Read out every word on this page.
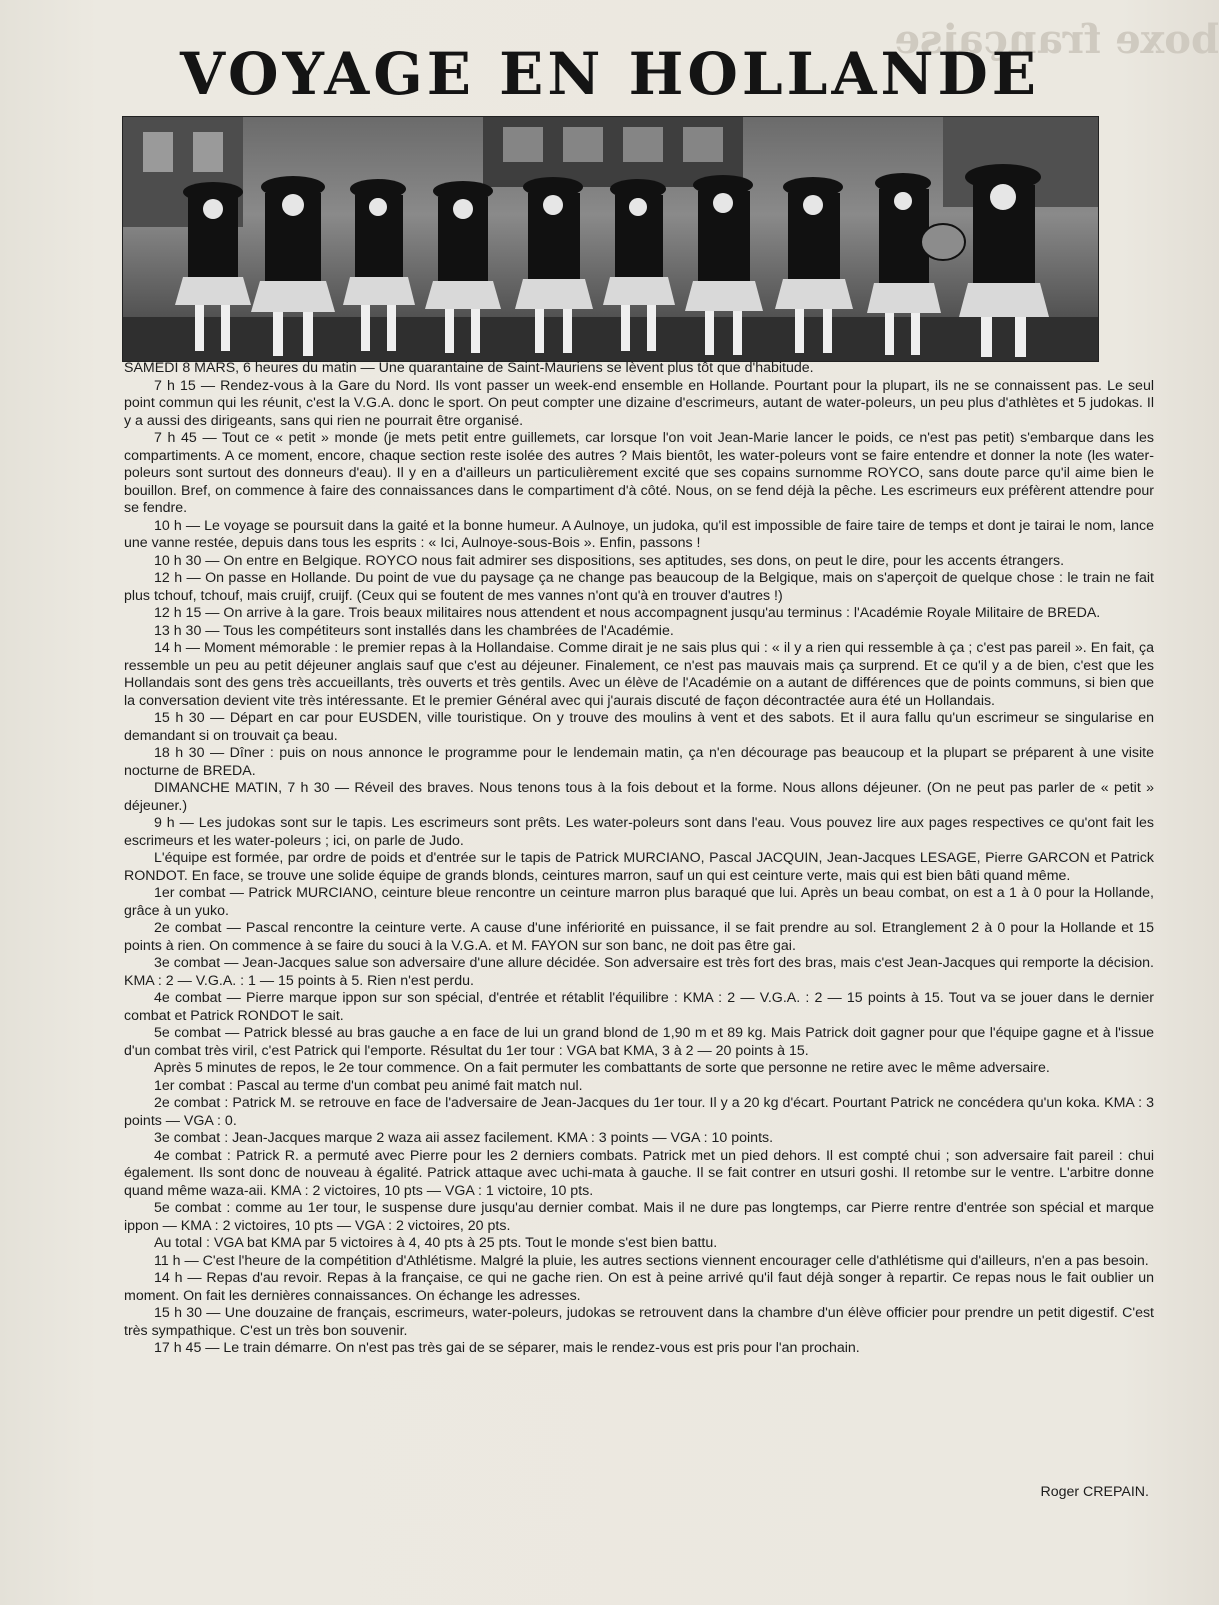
boxe française
VOYAGE EN HOLLANDE

SAMEDI 8 MARS, 6 heures du matin — Une quarantaine de Saint-Mauriens se lèvent plus tôt que d'habitude.

7 h 15 — Rendez-vous à la Gare du Nord. Ils vont passer un week-end ensemble en Hollande. Pourtant pour la plupart, ils ne se connaissent pas. Le seul point commun qui les réunit, c'est la V.G.A. donc le sport. On peut compter une dizaine d'escrimeurs, autant de water-poleurs, un peu plus d'athlètes et 5 judokas. Il y a aussi des dirigeants, sans qui rien ne pourrait être organisé.

7 h 45 — Tout ce « petit » monde (je mets petit entre guillemets, car lorsque l'on voit Jean-Marie lancer le poids, ce n'est pas petit) s'embarque dans les compartiments. A ce moment, encore, chaque section reste isolée des autres ? Mais bientôt, les water-poleurs vont se faire entendre et donner la note (les water-poleurs sont surtout des donneurs d'eau). Il y en a d'ailleurs un particulièrement excité que ses copains surnomme ROYCO, sans doute parce qu'il aime bien le bouillon. Bref, on commence à faire des connaissances dans le compartiment d'à côté. Nous, on se fend déjà la pêche. Les escrimeurs eux préfèrent attendre pour se fendre.

10 h — Le voyage se poursuit dans la gaité et la bonne humeur. A Aulnoye, un judoka, qu'il est impossible de faire taire de temps et dont je tairai le nom, lance une vanne restée, depuis dans tous les esprits : « Ici, Aulnoye-sous-Bois ». Enfin, passons !

10 h 30 — On entre en Belgique. ROYCO nous fait admirer ses dispositions, ses aptitudes, ses dons, on peut le dire, pour les accents étrangers.

12 h — On passe en Hollande. Du point de vue du paysage ça ne change pas beaucoup de la Belgique, mais on s'aperçoit de quelque chose : le train ne fait plus tchouf, tchouf, mais cruijf, cruijf. (Ceux qui se foutent de mes vannes n'ont qu'à en trouver d'autres !)

12 h 15 — On arrive à la gare. Trois beaux militaires nous attendent et nous accompagnent jusqu'au terminus : l'Académie Royale Militaire de BREDA.

13 h 30 — Tous les compétiteurs sont installés dans les chambrées de l'Académie.

14 h — Moment mémorable : le premier repas à la Hollandaise. Comme dirait je ne sais plus qui : « il y a rien qui ressemble à ça ; c'est pas pareil ». En fait, ça ressemble un peu au petit déjeuner anglais sauf que c'est au déjeuner. Finalement, ce n'est pas mauvais mais ça surprend. Et ce qu'il y a de bien, c'est que les Hollandais sont des gens très accueillants, très ouverts et très gentils. Avec un élève de l'Académie on a autant de différences que de points communs, si bien que la conversation devient vite très intéressante. Et le premier Général avec qui j'aurais discuté de façon décontractée aura été un Hollandais.

15 h 30 — Départ en car pour EUSDEN, ville touristique. On y trouve des moulins à vent et des sabots. Et il aura fallu qu'un escrimeur se singularise en demandant si on trouvait ça beau.

18 h 30 — Dîner : puis on nous annonce le programme pour le lendemain matin, ça n'en décourage pas beaucoup et la plupart se préparent à une visite nocturne de BREDA.

DIMANCHE MATIN, 7 h 30 — Réveil des braves. Nous tenons tous à la fois debout et la forme. Nous allons déjeuner. (On ne peut pas parler de « petit » déjeuner.)

9 h — Les judokas sont sur le tapis. Les escrimeurs sont prêts. Les water-poleurs sont dans l'eau. Vous pouvez lire aux pages respectives ce qu'ont fait les escrimeurs et les water-poleurs ; ici, on parle de Judo.

L'équipe est formée, par ordre de poids et d'entrée sur le tapis de Patrick MURCIANO, Pascal JACQUIN, Jean-Jacques LESAGE, Pierre GARCON et Patrick RONDOT. En face, se trouve une solide équipe de grands blonds, ceintures marron, sauf un qui est ceinture verte, mais qui est bien bâti quand même.

1er combat — Patrick MURCIANO, ceinture bleue rencontre un ceinture marron plus baraqué que lui. Après un beau combat, on est a 1 à 0 pour la Hollande, grâce à un yuko.

2e combat — Pascal rencontre la ceinture verte. A cause d'une infériorité en puissance, il se fait prendre au sol. Etranglement 2 à 0 pour la Hollande et 15 points à rien. On commence à se faire du souci à la V.G.A. et M. FAYON sur son banc, ne doit pas être gai.

3e combat — Jean-Jacques salue son adversaire d'une allure décidée. Son adversaire est très fort des bras, mais c'est Jean-Jacques qui remporte la décision. KMA : 2 — V.G.A. : 1 — 15 points à 5. Rien n'est perdu.

4e combat — Pierre marque ippon sur son spécial, d'entrée et rétablit l'équilibre : KMA : 2 — V.G.A. : 2 — 15 points à 15. Tout va se jouer dans le dernier combat et Patrick RONDOT le sait.

5e combat — Patrick blessé au bras gauche a en face de lui un grand blond de 1,90 m et 89 kg. Mais Patrick doit gagner pour que l'équipe gagne et à l'issue d'un combat très viril, c'est Patrick qui l'emporte. Résultat du 1er tour : VGA bat KMA, 3 à 2 — 20 points à 15.

Après 5 minutes de repos, le 2e tour commence. On a fait permuter les combattants de sorte que personne ne retire avec le même adversaire.

1er combat : Pascal au terme d'un combat peu animé fait match nul.

2e combat : Patrick M. se retrouve en face de l'adversaire de Jean-Jacques du 1er tour. Il y a 20 kg d'écart. Pourtant Patrick ne concédera qu'un koka. KMA : 3 points — VGA : 0.

3e combat : Jean-Jacques marque 2 waza aii assez facilement. KMA : 3 points — VGA : 10 points.

4e combat : Patrick R. a permuté avec Pierre pour les 2 derniers combats. Patrick met un pied dehors. Il est compté chui ; son adversaire fait pareil : chui également. Ils sont donc de nouveau à égalité. Patrick attaque avec uchi-mata à gauche. Il se fait contrer en utsuri goshi. Il retombe sur le ventre. L'arbitre donne quand même waza-aii. KMA : 2 victoires, 10 pts — VGA : 1 victoire, 10 pts.

5e combat : comme au 1er tour, le suspense dure jusqu'au dernier combat. Mais il ne dure pas longtemps, car Pierre rentre d'entrée son spécial et marque ippon — KMA : 2 victoires, 10 pts — VGA : 2 victoires, 20 pts.

Au total : VGA bat KMA par 5 victoires à 4, 40 pts à 25 pts. Tout le monde s'est bien battu.

11 h — C'est l'heure de la compétition d'Athlétisme. Malgré la pluie, les autres sections viennent encourager celle d'athlétisme qui d'ailleurs, n'en a pas besoin.

14 h — Repas d'au revoir. Repas à la française, ce qui ne gache rien. On est à peine arrivé qu'il faut déjà songer à repartir. Ce repas nous le fait oublier un moment. On fait les dernières connaissances. On échange les adresses.

15 h 30 — Une douzaine de français, escrimeurs, water-poleurs, judokas se retrouvent dans la chambre d'un élève officier pour prendre un petit digestif. C'est très sympathique. C'est un très bon souvenir.

17 h 45 — Le train démarre. On n'est pas très gai de se séparer, mais le rendez-vous est pris pour l'an prochain.

Roger CREPAIN.
